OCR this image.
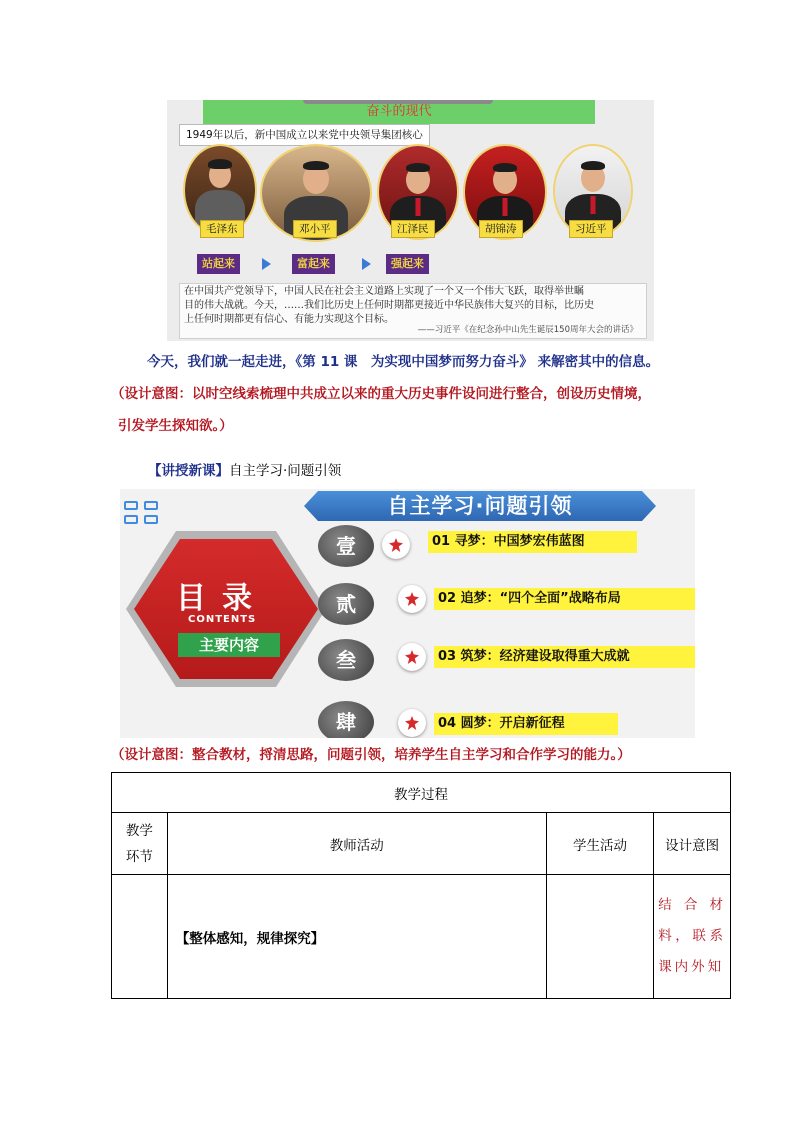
奋斗的现代
1949年以后，新中国成立以来党中央领导集团核心
毛泽东	邓小平	江泽民	胡锦涛	习近平
站起来	富起来	强起来
在中国共产党领导下，中国人民在社会主义道路上实现了一个又一个伟大飞跃，取得举世瞩
目的伟大战就。今天，……我们比历史上任何时期都更接近中华民族伟大复兴的目标，比历史
上任何时期都更有信心、有能力实现这个目标。
——习近平《在纪念孙中山先生诞辰150周年大会的讲话》
今天，我们就一起走进，《第 11 课　为实现中国梦而努力奋斗》 来解密其中的信息。
（设计意图：以时空线索梳理中共成立以来的重大历史事件设问进行整合，创设历史情境，
引发学生探知欲。）
【讲授新课】自主学习·问题引领
自主学习·问题引领
目录
CONTENTS
主要内容
壹
贰
叁
肆
01 寻梦：中国梦宏伟蓝图
02 追梦：“四个全面”战略布局
03 筑梦：经济建设取得重大成就
04 圆梦：开启新征程
（设计意图：整合教材，捋清思路，问题引领，培养学生自主学习和合作学习的能力。）
教学过程			

教学
环节	教师活动	学生活动	设计意图
	【整体感知，规律探究】		结合材料，联系课内外知
